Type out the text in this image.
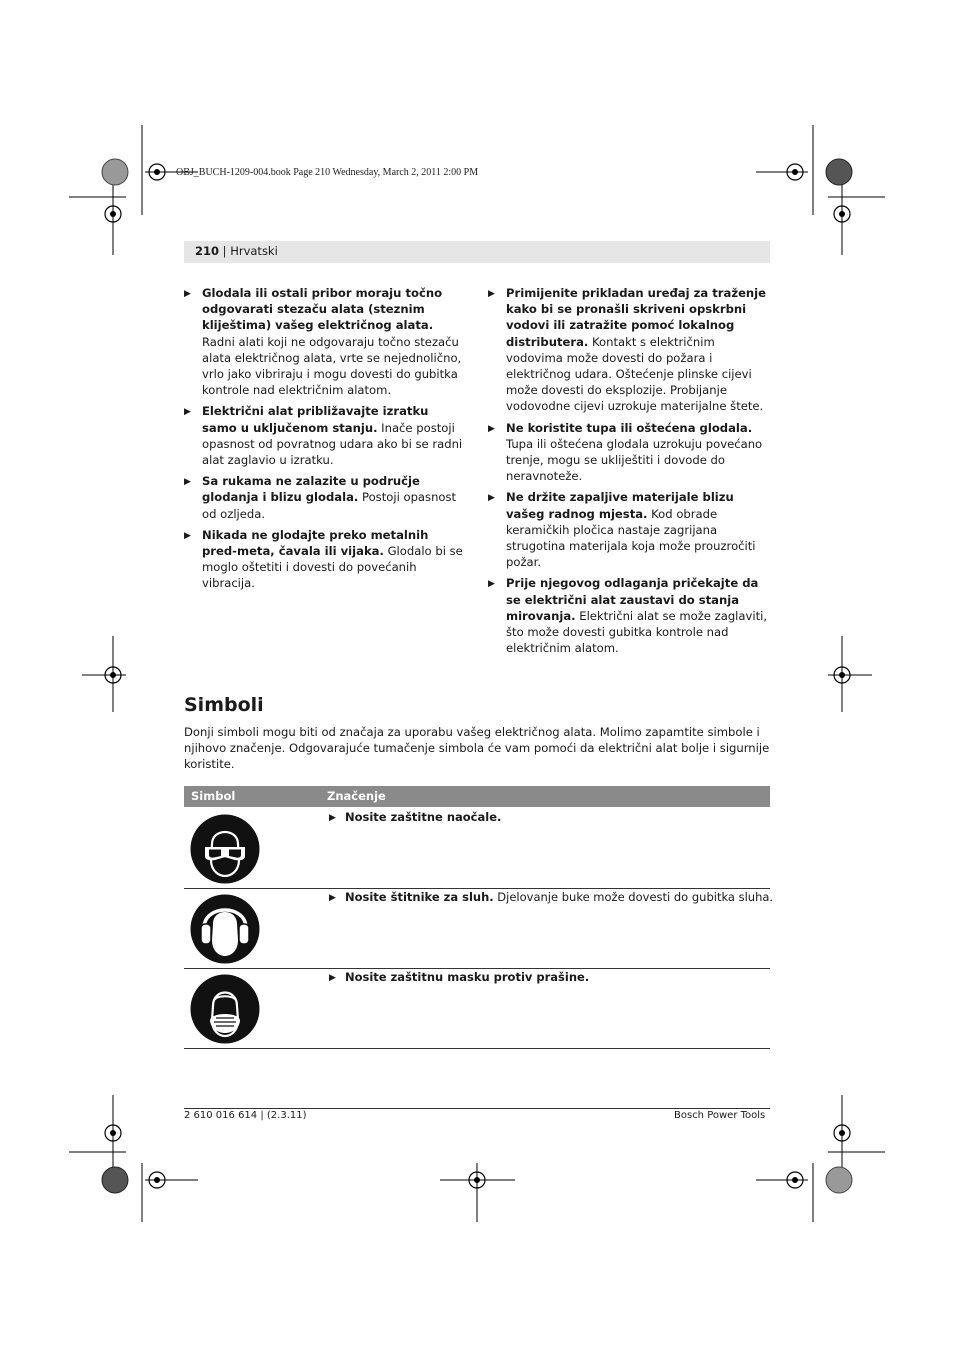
OBJ_BUCH-1209-004.book Page 210 Wednesday, March 2, 2011 2:00 PM
210 | Hrvatski
▶ Glodala ili ostali pribor moraju točno odgovarati stezaču alata (steznim kliještima) vašeg električnog alata. Radni alati koji ne odgovaraju točno stezaču alata električnog alata, vrte se nejednolično, vrlo jako vibriraju i mogu dovesti do gubitka kontrole nad električnim alatom.
▶ Električni alat približavajte izratku samo u uključenom stanju. Inače postoji opasnost od povratnog udara ako bi se radni alat zaglavio u izratku.
▶ Sa rukama ne zalazite u područje glodanja i blizu glodala. Postoji opasnost od ozljeda.
▶ Nikada ne glodajte preko metalnih pred-meta, čavala ili vijaka. Glodalo bi se moglo oštetiti i dovesti do povećanih vibracija.
▶ Primijenite prikladan uređaj za traženje kako bi se pronašli skriveni opskrbni vodovi ili zatražite pomoć lokalnog distributera. Kontakt s električnim vodovima može dovesti do požara i električnog udara. Oštećenje plinske cijevi može dovesti do eksplozije. Probijanje vodovodne cijevi uzrokuje materijalne štete.
▶ Ne koristite tupa ili oštećena glodala. Tupa ili oštećena glodala uzrokuju povećano trenje, mogu se ukliještiti i dovode do neravnoteže.
▶ Ne držite zapaljive materijale blizu vašeg radnog mjesta. Kod obrade keramičkih pločica nastaje zagrijana strugotina materijala koja može prouzročiti požar.
▶ Prije njegovog odlaganja pričekajte da se električni alat zaustavi do stanja mirovanja. Električni alat se može zaglaviti, što može dovesti gubitka kontrole nad električnim alatom.
Simboli
Donji simboli mogu biti od značaja za uporabu vašeg električnog alata. Molimo zapamtite simbole i njihovo značenje. Odgovarajuće tumačenje simbola će vam pomoći da električni alat bolje i sigurnije koristite.
Simbol	Značenje
▶ Nosite zaštitne naočale.
▶ Nosite štitnike za sluh. Djelovanje buke može dovesti do gubitka sluha.
▶ Nosite zaštitnu masku protiv prašine.
2 610 016 614 | (2.3.11)	Bosch Power Tools
